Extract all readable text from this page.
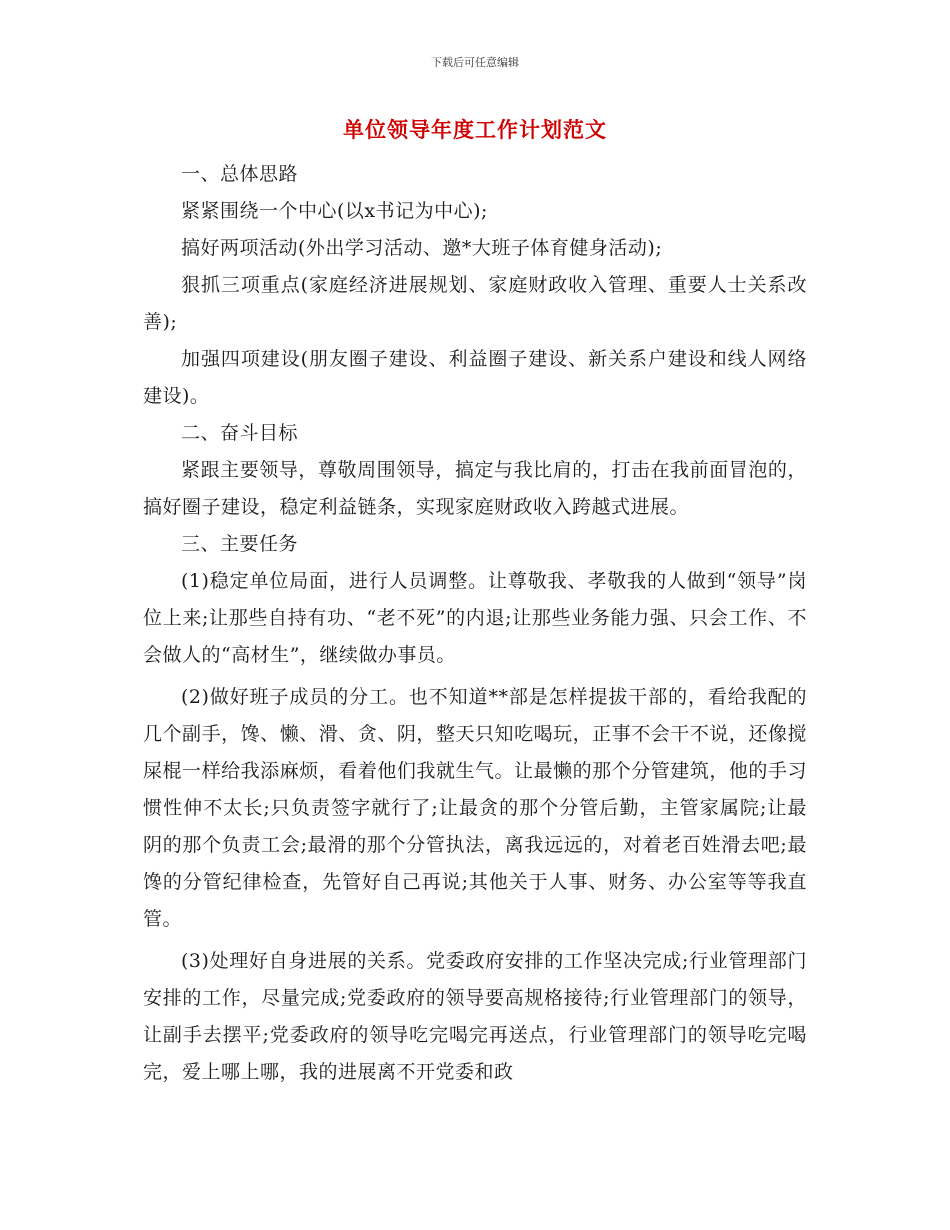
下载后可任意编辑
单位领导年度工作计划范文

一、总体思路

紧紧围绕一个中心(以x书记为中心);

搞好两项活动(外出学习活动、邀*大班子体育健身活动);

狠抓三项重点(家庭经济进展规划、家庭财政收入管理、重要人士关系改善);

加强四项建设(朋友圈子建设、利益圈子建设、新关系户建设和线人网络建设)。

二、奋斗目标

紧跟主要领导，尊敬周围领导，搞定与我比肩的，打击在我前面冒泡的，搞好圈子建设，稳定利益链条，实现家庭财政收入跨越式进展。

三、主要任务

(1)稳定单位局面，进行人员调整。让尊敬我、孝敬我的人做到“领导”岗位上来;让那些自持有功、“老不死”的内退;让那些业务能力强、只会工作、不会做人的“高材生”，继续做办事员。

(2)做好班子成员的分工。也不知道**部是怎样提拔干部的，看给我配的几个副手，馋、懒、滑、贪、阴，整天只知吃喝玩，正事不会干不说，还像搅屎棍一样给我添麻烦，看着他们我就生气。让最懒的那个分管建筑，他的手习惯性伸不太长;只负责签字就行了;让最贪的那个分管后勤，主管家属院;让最阴的那个负责工会;最滑的那个分管执法，离我远远的，对着老百姓滑去吧;最馋的分管纪律检查，先管好自己再说;其他关于人事、财务、办公室等等我直管。

(3)处理好自身进展的关系。党委政府安排的工作坚决完成;行业管理部门安排的工作，尽量完成;党委政府的领导要高规格接待;行业管理部门的领导，让副手去摆平;党委政府的领导吃完喝完再送点，行业管理部门的领导吃完喝完，爱上哪上哪，我的进展离不开党委和政
